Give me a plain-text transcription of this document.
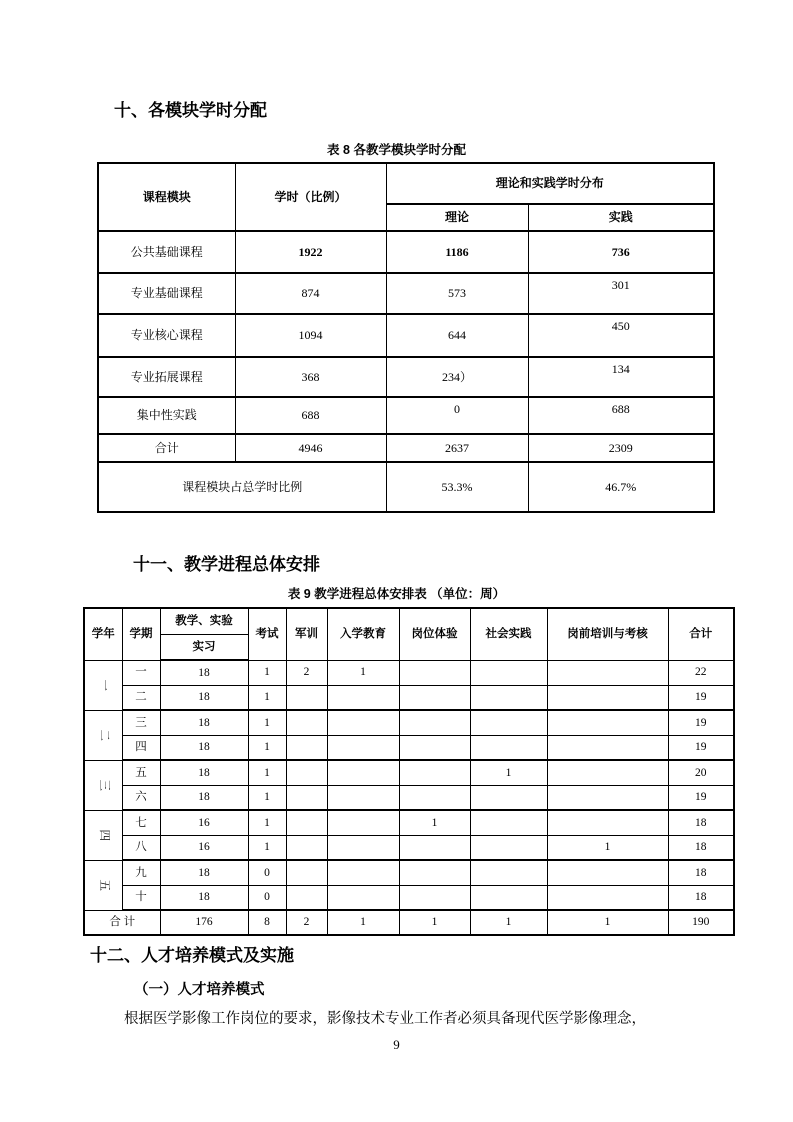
十、各模块学时分配
表 8 各教学模块学时分配
课程模块	学时（比例）	理论和实践学时分布	
		理论	实践
公共基础课程	1922	1186	736
专业基础课程	874	573	301
专业核心课程	1094	644	450
专业拓展课程	368	234）	134
集中性实践	688	0	688
合计	4946	2637	2309
课程模块占总学时比例		53.3%	46.7%
十一、教学进程总体安排
表 9 教学进程总体安排表 （单位：周）
学年	学期	教学、实验	考试	军训	入学教育	岗位体验	社会实践	岗前培训与考核	合计
		实习							
一	一	18	1	2	1				22
	二	18	1						19
二	三	18	1						19
	四	18	1						19
三	五	18	1				1		20
	六	18	1						19
四	七	16	1			1			18
	八	16	1					1	18
五	九	18	0						18
	十	18	0						18
合 计		176	8	2	1	1	1	1	190
十二、人才培养模式及实施
（一）人才培养模式
根据医学影像工作岗位的要求，影像技术专业工作者必须具备现代医学影像理念，
9
